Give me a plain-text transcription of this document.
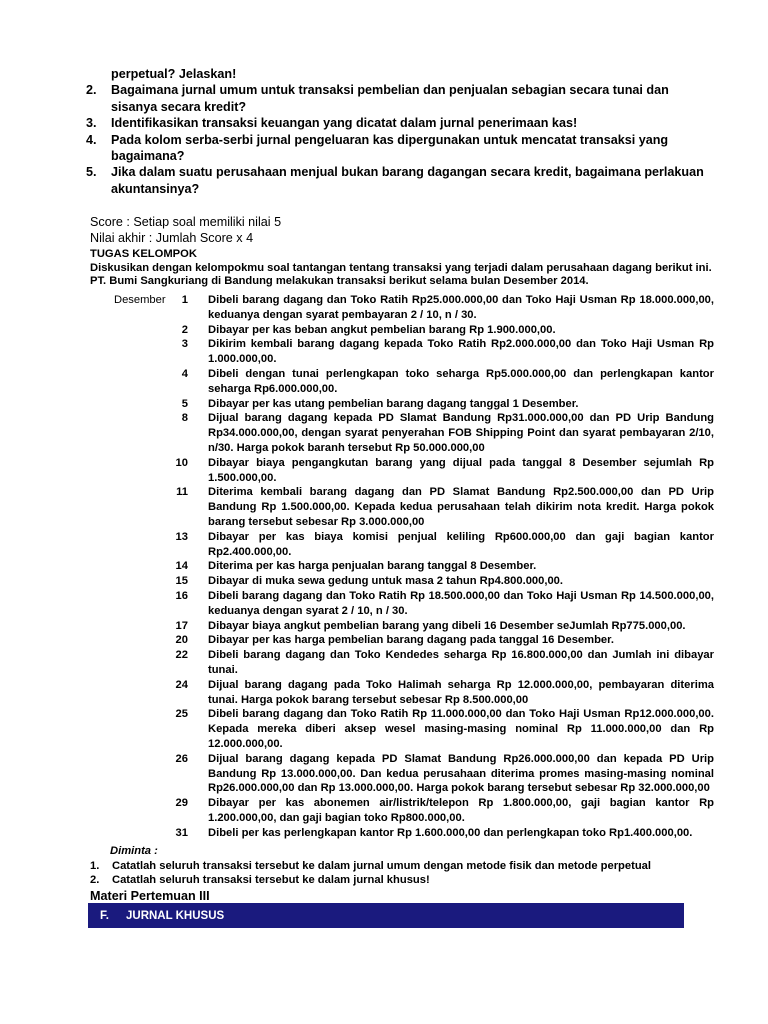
perpetual? Jelaskan!
2.	Bagaimana jurnal umum untuk transaksi pembelian dan penjualan sebagian secara tunai dan sisanya secara kredit?
3.	Identifikasikan transaksi keuangan yang dicatat dalam jurnal penerimaan kas!
4.	Pada kolom serba-serbi jurnal pengeluaran kas dipergunakan untuk mencatat transaksi yang bagaimana?
5.	Jika dalam suatu perusahaan menjual bukan barang dagangan secara kredit, bagaimana perlakuan akuntansinya?
Score : Setiap soal memiliki nilai 5
Nilai akhir : Jumlah Score x 4
TUGAS KELOMPOK
Diskusikan dengan kelompokmu soal tantangan tentang transaksi yang terjadi dalam perusahaan dagang berikut ini.
PT. Bumi Sangkuriang di Bandung melakukan transaksi berikut selama bulan Desember 2014.
Desember	1	Dibeli barang dagang dan Toko Ratih Rp25.000.000,00 dan Toko Haji Usman Rp 18.000.000,00, keduanya dengan syarat pembayaran 2 / 10, n / 30.
2	Dibayar per kas beban angkut pembelian barang Rp 1.900.000,00.
3	Dikirim kembali barang dagang kepada Toko Ratih Rp2.000.000,00 dan Toko Haji Usman Rp 1.000.000,00.
4	Dibeli dengan tunai perlengkapan toko seharga Rp5.000.000,00 dan perlengkapan kantor seharga Rp6.000.000,00.
5	Dibayar per kas utang pembelian barang dagang tanggal 1 Desember.
8	Dijual barang dagang kepada PD Slamat Bandung Rp31.000.000,00 dan PD Urip Bandung Rp34.000.000,00, dengan syarat penyerahan FOB Shipping Point dan syarat pembayaran 2/10, n/30. Harga pokok baranh tersebut Rp 50.000.000,00
10	Dibayar biaya pengangkutan barang yang dijual pada tanggal 8 Desember sejumlah Rp 1.500.000,00.
11	Diterima kembali barang dagang dan PD Slamat Bandung Rp2.500.000,00 dan PD Urip Bandung Rp 1.500.000,00. Kepada kedua perusahaan telah dikirim nota kredit. Harga pokok barang tersebut sebesar Rp 3.000.000,00
13	Dibayar per kas biaya komisi penjual keliling Rp600.000,00 dan gaji bagian kantor Rp2.400.000,00.
14	Diterima per kas harga penjualan barang tanggal 8 Desember.
15	Dibayar di muka sewa gedung untuk masa 2 tahun Rp4.800.000,00.
16	Dibeli barang dagang dan Toko Ratih Rp 18.500.000,00 dan Toko Haji Usman Rp 14.500.000,00, keduanya dengan syarat 2 / 10, n / 30.
17	Dibayar biaya angkut pembelian barang yang dibeli 16 Desember seJumlah Rp775.000,00.
20	Dibayar per kas harga pembelian barang dagang pada tanggal 16 Desember.
22	Dibeli barang dagang dan Toko Kendedes seharga Rp 16.800.000,00 dan Jumlah ini dibayar tunai.
24	Dijual barang dagang pada Toko Halimah seharga Rp 12.000.000,00, pembayaran diterima tunai. Harga pokok barang tersebut sebesar Rp 8.500.000,00
25	Dibeli barang dagang dan Toko Ratih Rp 11.000.000,00 dan Toko Haji Usman Rp12.000.000,00. Kepada mereka diberi aksep wesel masing-masing nominal Rp 11.000.000,00 dan Rp 12.000.000,00.
26	Dijual barang dagang kepada PD Slamat Bandung Rp26.000.000,00 dan kepada PD Urip Bandung Rp 13.000.000,00. Dan kedua perusahaan diterima promes masing-masing nominal Rp26.000.000,00 dan Rp 13.000.000,00. Harga pokok barang tersebut sebesar Rp 32.000.000,00
29	Dibayar per kas abonemen air/listrik/telepon Rp 1.800.000,00, gaji bagian kantor Rp 1.200.000,00, dan gaji bagian toko Rp800.000,00.
31	Dibeli per kas perlengkapan kantor Rp 1.600.000,00 dan perlengkapan toko Rp1.400.000,00.
Diminta :
1.	Catatlah seluruh transaksi tersebut ke dalam jurnal umum dengan metode fisik dan metode perpetual
2.	Catatlah seluruh transaksi tersebut ke dalam jurnal khusus!
Materi Pertemuan III
F.	JURNAL KHUSUS
